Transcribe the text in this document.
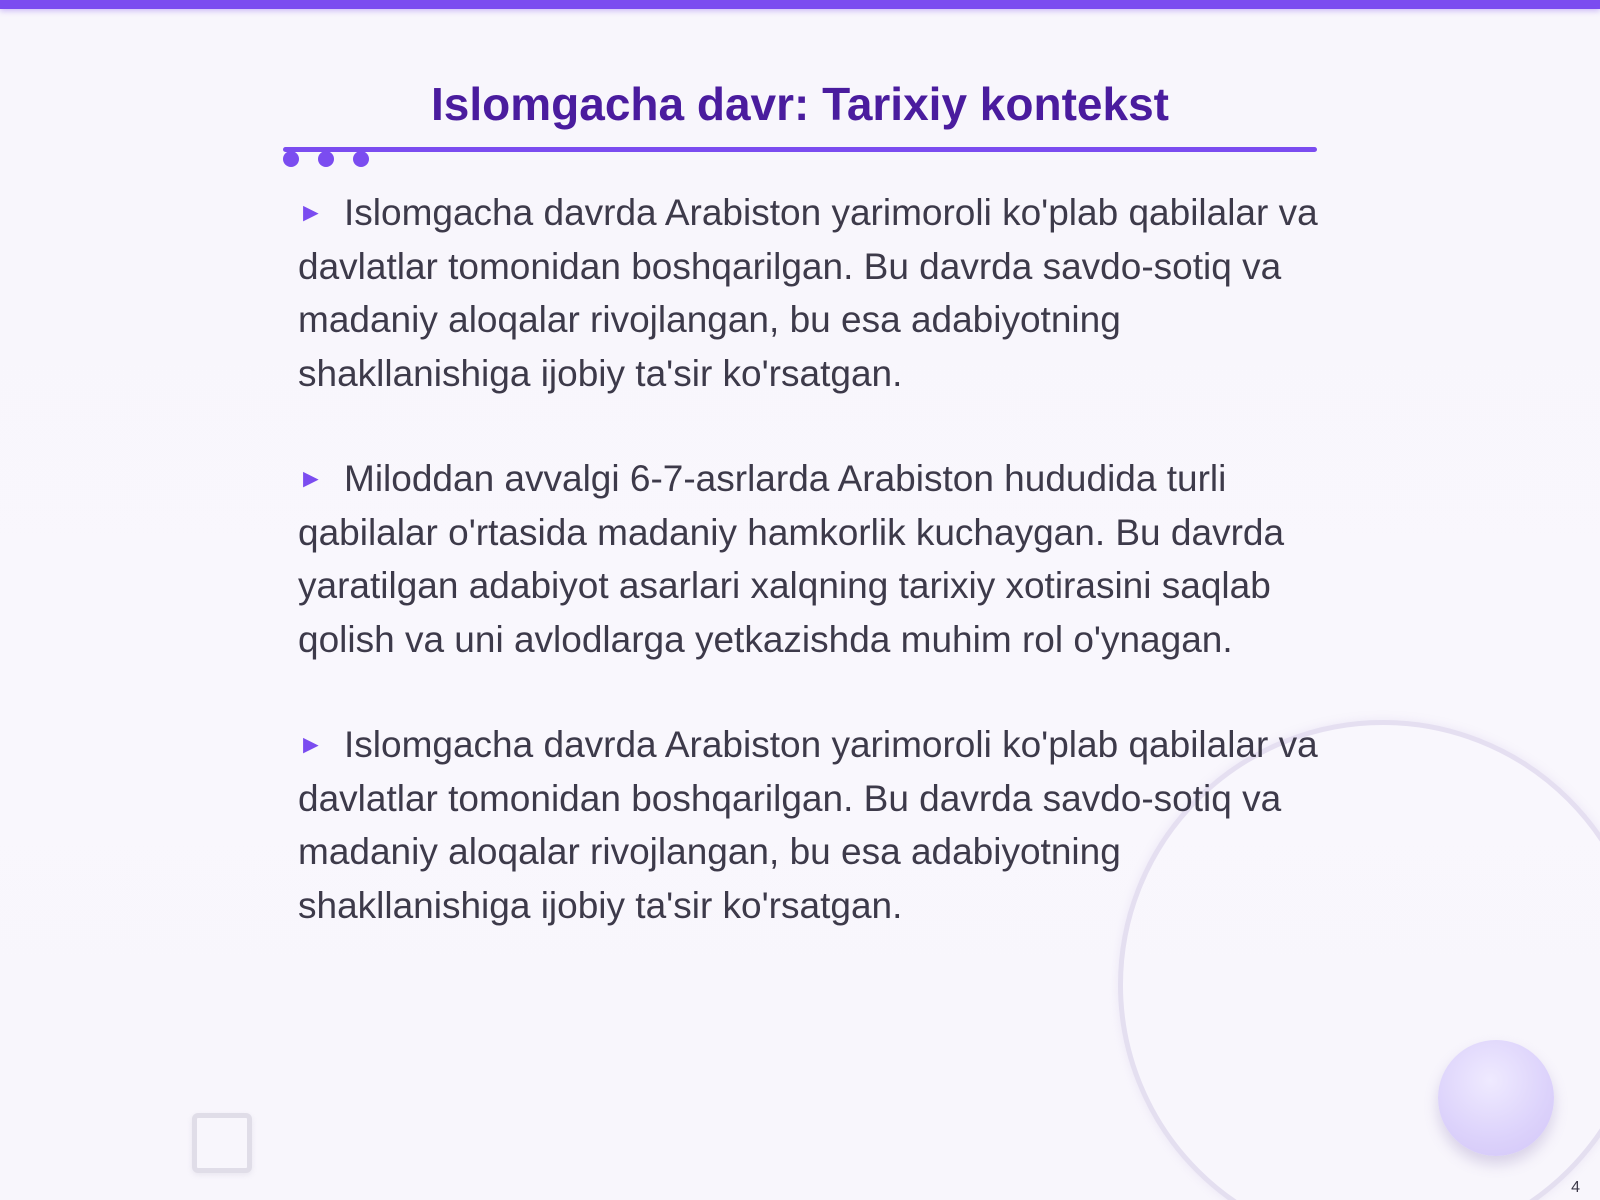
Islomgacha davr: Tarixiy kontekst

► Islomgacha davrda Arabiston yarimoroli ko'plab qabilalar va davlatlar tomonidan boshqarilgan. Bu davrda savdo-sotiq va madaniy aloqalar rivojlangan, bu esa adabiyotning shakllanishiga ijobiy ta'sir ko'rsatgan.

► Miloddan avvalgi 6-7-asrlarda Arabiston hududida turli qabilalar o'rtasida madaniy hamkorlik kuchaygan. Bu davrda yaratilgan adabiyot asarlari xalqning tarixiy xotirasini saqlab qolish va uni avlodlarga yetkazishda muhim rol o'ynagan.

► Islomgacha davrda Arabiston yarimoroli ko'plab qabilalar va davlatlar tomonidan boshqarilgan. Bu davrda savdo-sotiq va madaniy aloqalar rivojlangan, bu esa adabiyotning shakllanishiga ijobiy ta'sir ko'rsatgan.

4
